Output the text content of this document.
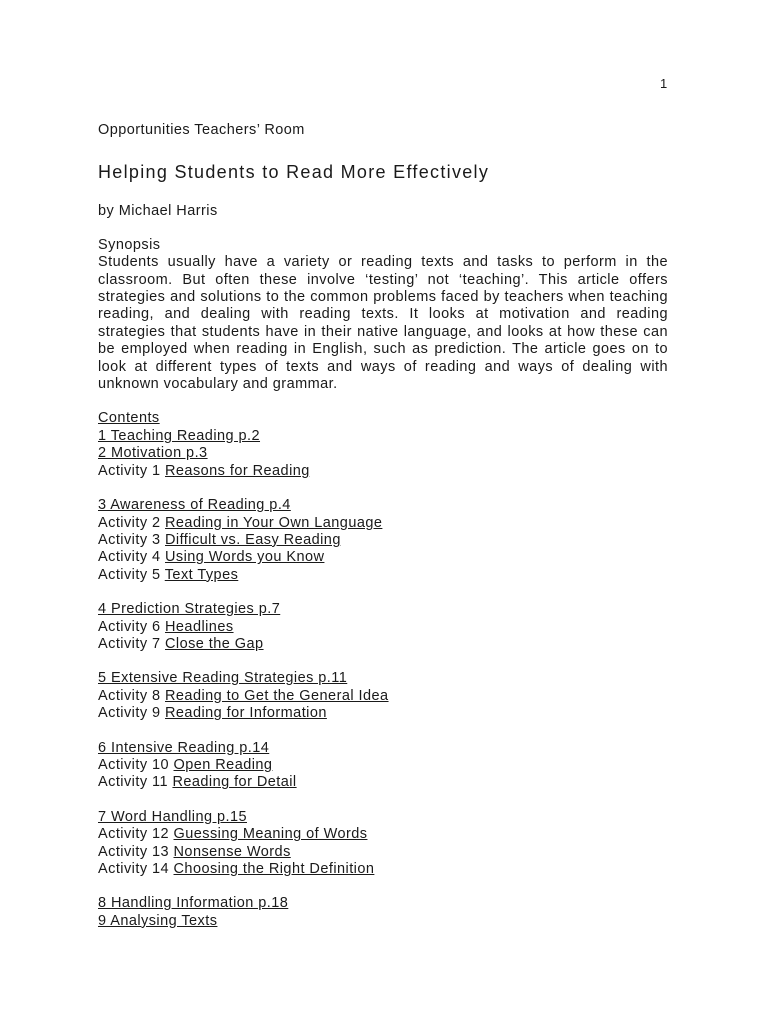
1

Opportunities Teachers’ Room

Helping Students to Read More Effectively

by Michael Harris

Synopsis

Students usually have a variety or reading texts and tasks to perform in the classroom. But often these involve ‘testing’ not ‘teaching’. This article offers strategies and solutions to the common problems faced by teachers when teaching reading, and dealing with reading texts. It looks at motivation and reading strategies that students have in their native language, and looks at how these can be employed when reading in English, such as prediction. The article goes on to look at different types of texts and ways of reading and ways of dealing with unknown vocabulary and grammar.

Contents

1 Teaching Reading p.2
2 Motivation p.3
Activity 1 Reasons for Reading
3 Awareness of Reading p.4
Activity 2 Reading in Your Own Language
Activity 3 Difficult vs. Easy Reading
Activity 4 Using Words you Know
Activity 5 Text Types
4 Prediction Strategies p.7
Activity 6 Headlines
Activity 7 Close the Gap
5 Extensive Reading Strategies p.11
Activity 8 Reading to Get the General Idea
Activity 9 Reading for Information
6 Intensive Reading p.14
Activity 10 Open Reading
Activity 11 Reading for Detail
7 Word Handling p.15
Activity 12 Guessing Meaning of Words
Activity 13 Nonsense Words
Activity 14 Choosing the Right Definition
8 Handling Information p.18
9 Analysing Texts
